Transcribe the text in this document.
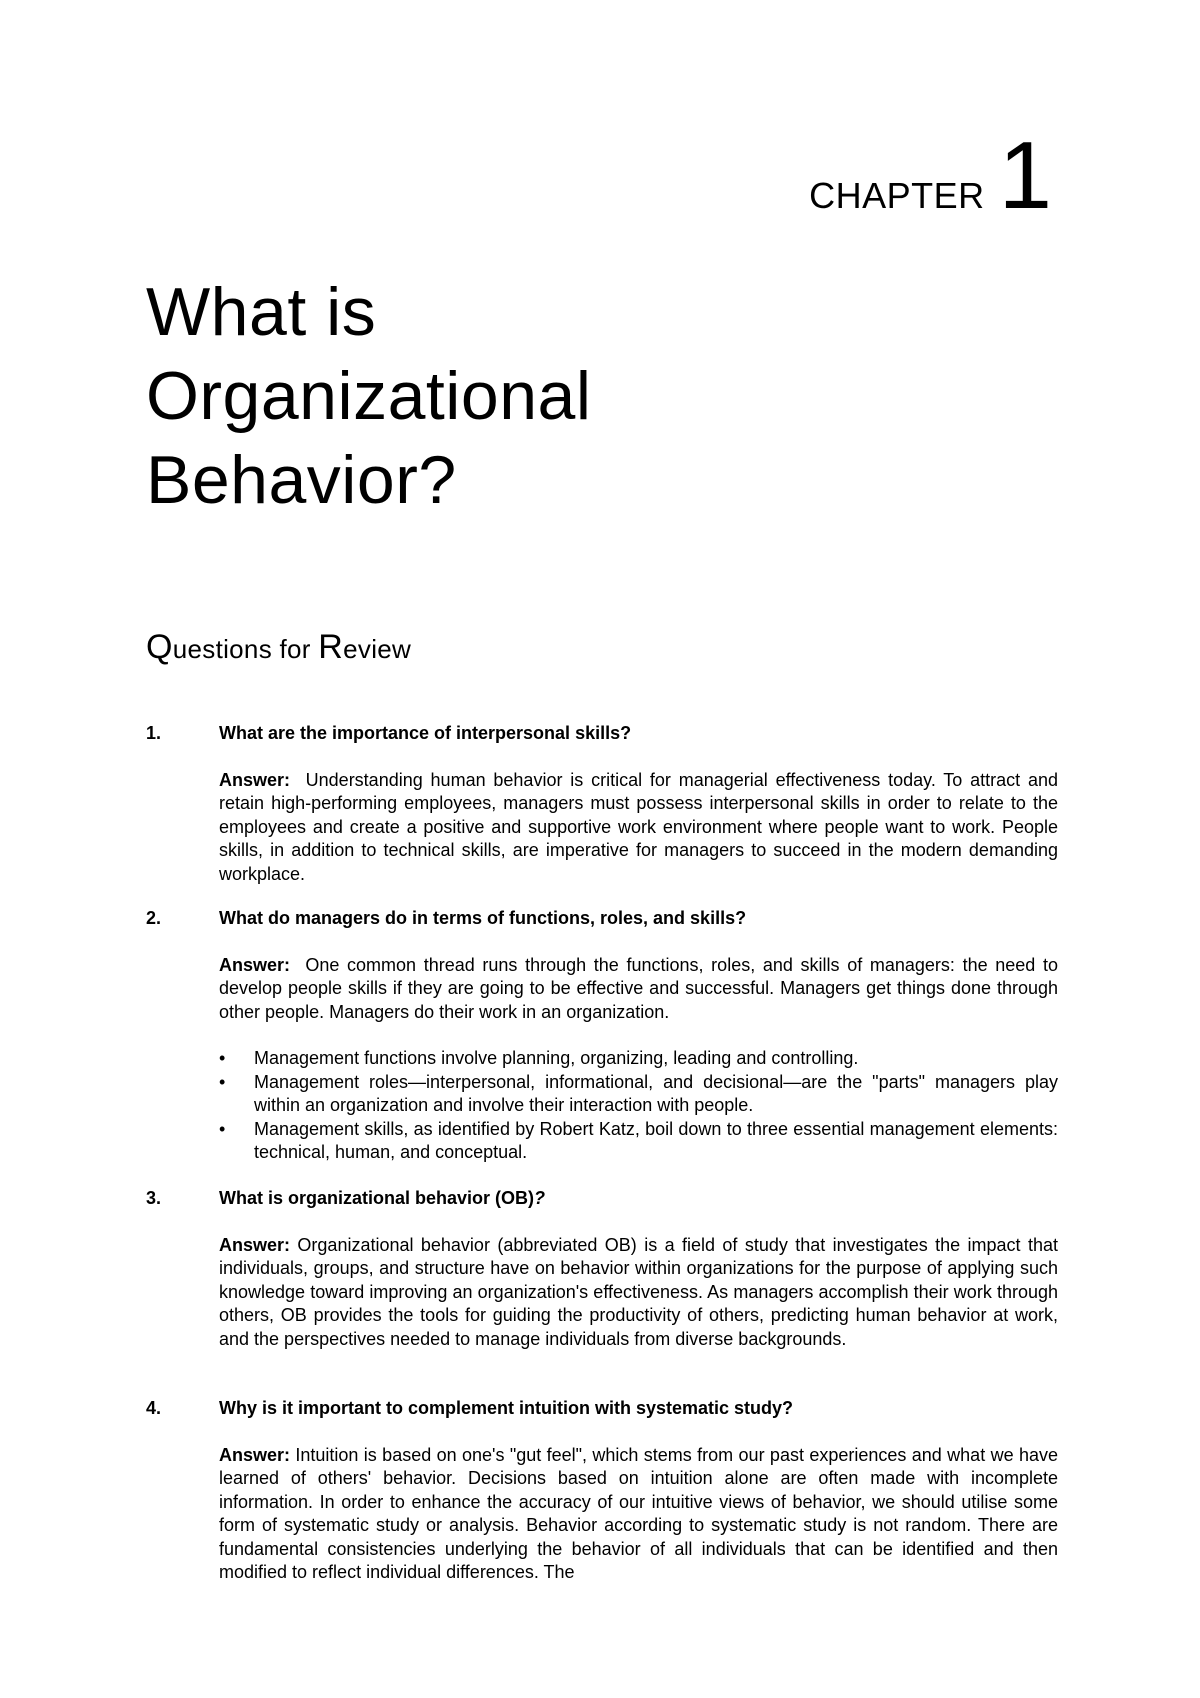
CHAPTER 1
What is
Organizational
Behavior?
Questions for Review
1.	What are the importance of interpersonal skills?
Answer: Understanding human behavior is critical for managerial effectiveness today. To attract and retain high-performing employees, managers must possess interpersonal skills in order to relate to the employees and create a positive and supportive work environment where people want to work. People skills, in addition to technical skills, are imperative for managers to succeed in the modern demanding workplace.
2.	What do managers do in terms of functions, roles, and skills?
Answer: One common thread runs through the functions, roles, and skills of managers: the need to develop people skills if they are going to be effective and successful. Managers get things done through other people. Managers do their work in an organization.
• Management functions involve planning, organizing, leading and controlling.
• Management roles—interpersonal, informational, and decisional—are the "parts" managers play within an organization and involve their interaction with people.
• Management skills, as identified by Robert Katz, boil down to three essential management elements: technical, human, and conceptual.
3.	What is organizational behavior (OB)?
Answer: Organizational behavior (abbreviated OB) is a field of study that investigates the impact that individuals, groups, and structure have on behavior within organizations for the purpose of applying such knowledge toward improving an organization's effectiveness. As managers accomplish their work through others, OB provides the tools for guiding the productivity of others, predicting human behavior at work, and the perspectives needed to manage individuals from diverse backgrounds.
4.	Why is it important to complement intuition with systematic study?
Answer: Intuition is based on one's "gut feel", which stems from our past experiences and what we have learned of others' behavior. Decisions based on intuition alone are often made with incomplete information. In order to enhance the accuracy of our intuitive views of behavior, we should utilise some form of systematic study or analysis. Behavior according to systematic study is not random. There are fundamental consistencies underlying the behavior of all individuals that can be identified and then modified to reflect individual differences. The
